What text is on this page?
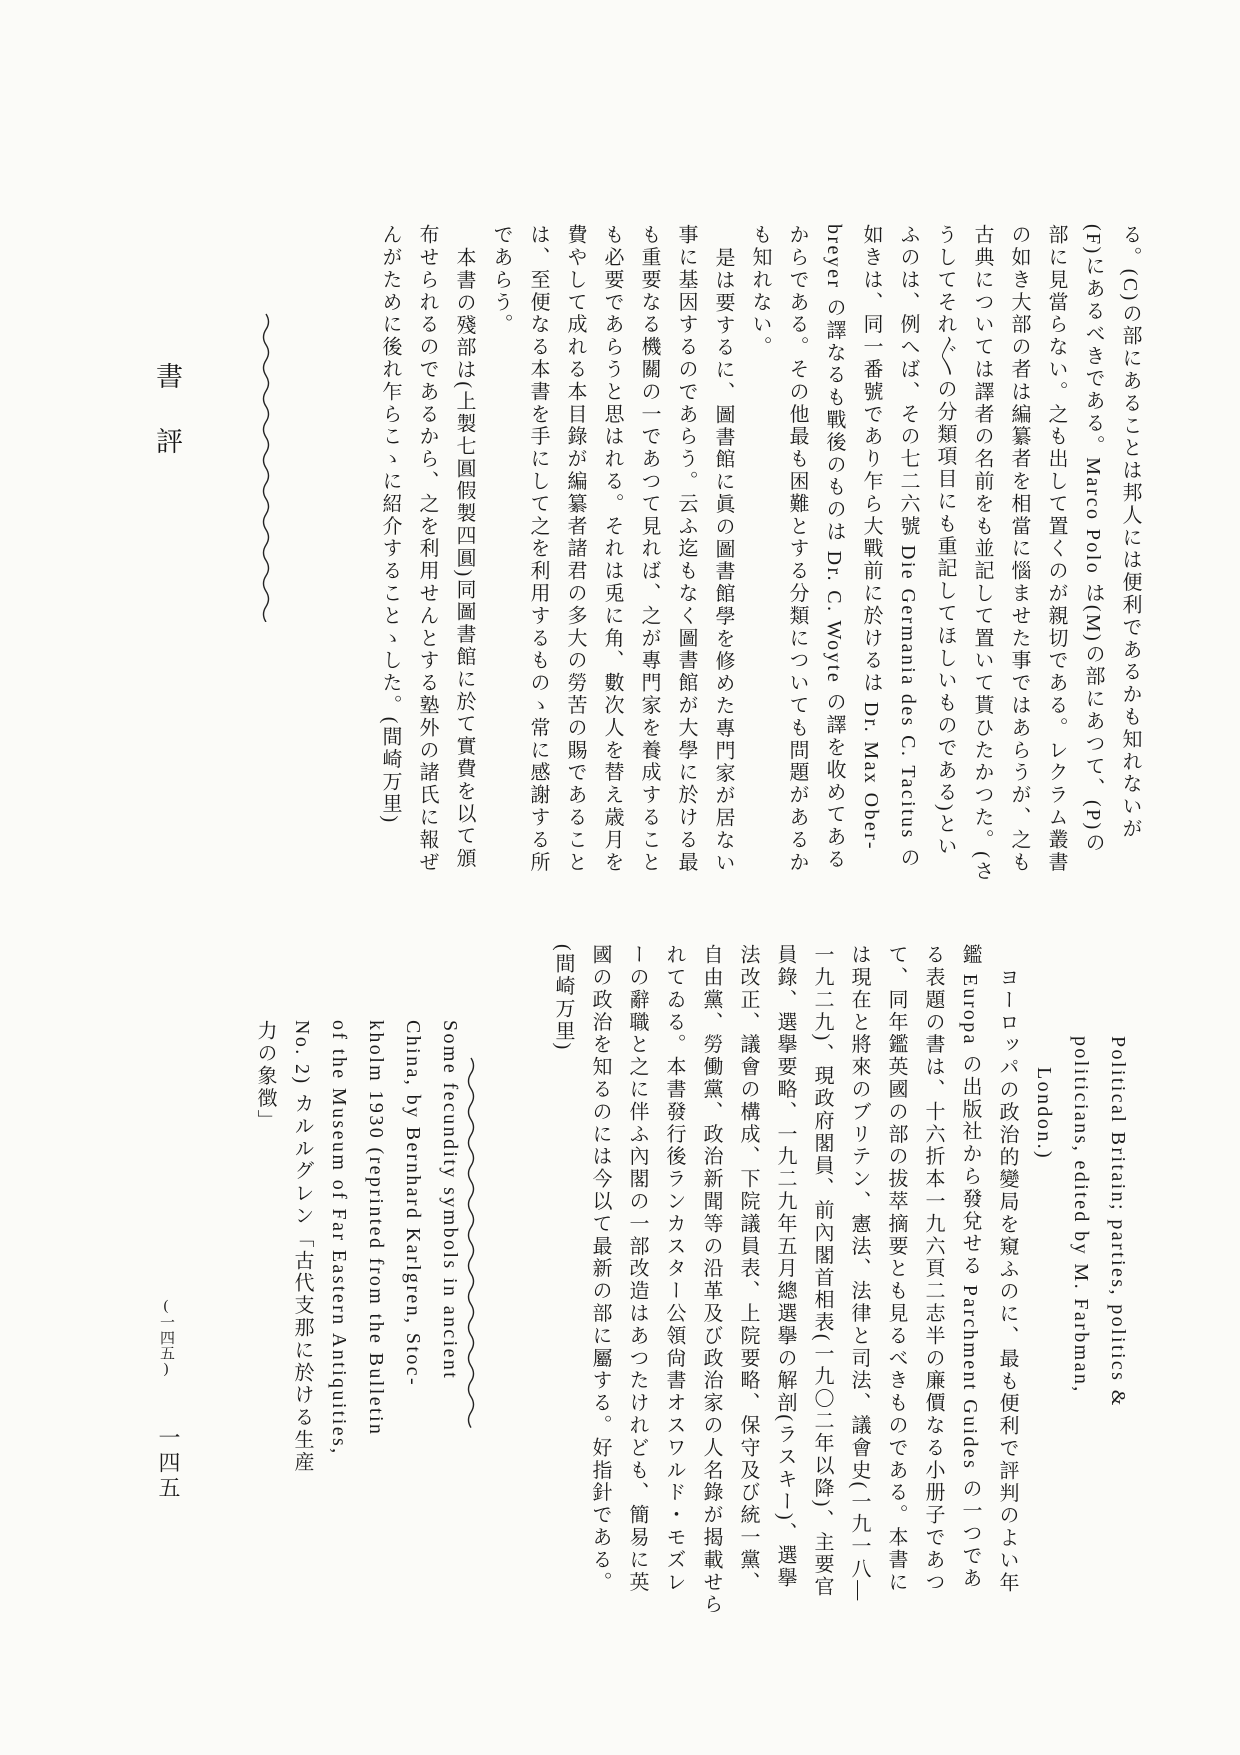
書評	る。(C)の部にあることは邦人には便利であるかも知れないが
(F)にあるべきである。Marco Polo は(M)の部にあつて、(P)の
部に見當らない。之も出して置くのが親切である。レクラム叢書
の如き大部の者は編纂者を相當に惱ませた事ではあらうが、之も
古典については譯者の名前をも並記して置いて貰ひたかつた。(さ
うしてそれ〴〵の分類項目にも重記してほしいものである)とい
ふのは、例へば、その七二六號 Die Germania des C. Tacitus の
如きは、同一番號であり乍ら大戰前に於けるは Dr. Max Ober-
breyer の譯なるも戰後のものは Dr. C. Woyte の譯を收めてある
からである。その他最も困難とする分類についても問題があるか
も知れない。
是は要するに、圖書館に眞の圖書館學を修めた專門家が居ない
事に基因するのであらう。云ふ迄もなく圖書館が大學に於ける最
も重要なる機關の一であつて見れば、之が專門家を養成すること
も必要であらうと思はれる。それは兎に角、數次人を替え歳月を
費やして成れる本目錄が編纂者諸君の多大の勞苦の賜であること
は、至便なる本書を手にして之を利用するものゝ常に感謝する所
であらう。
本書の殘部は(上製七圓假製四圓)同圖書館に於て實費を以て頒
布せられるのであるから、之を利用せんとする塾外の諸氏に報ぜ
んがために後れ乍らこゝに紹介することゝした。(間崎万里)
Political Britain; parties, politics &
politicians, edited by M. Farbman,
London.)
ヨーロッパの政治的變局を窺ふのに、最も便利で評判のよい年
鑑 Europa の出版社から發兌せる Parchment Guides の一つであ
る表題の書は、十六折本一九六頁二志半の廉價なる小册子であつ
て、同年鑑英國の部の拔萃摘要とも見るべきものである。本書に
は現在と將來のブリテン、憲法、法律と司法、議會史(一九一八—
一九二九)、現政府閣員、前內閣首相表(一九〇二年以降)、主要官
員錄、選擧要略、一九二九年五月總選擧の解剖(ラスキー)、選擧
法改正、議會の構成、下院議員表、上院要略、保守及び統一黨、
自由黨、勞働黨、政治新聞等の沿革及び政治家の人名錄が揭載せら
れてゐる。本書發行後ランカスター公領尙書オスワルド・モズレ
ーの辭職と之に伴ふ內閣の一部改造はあつたけれども、簡易に英
國の政治を知るのには今以て最新の部に屬する。好指針である。
(間崎万里)
Some fecundity symbols in ancient
China, by Bernhard Karlgren, Stoc-
kholm 1930 (reprinted from the Bulletin
of the Museum of Far Eastern Antiquities,
No. 2) カルルグレン「古代支那に於ける生産
力の象徴」
(一四五)
一四五
